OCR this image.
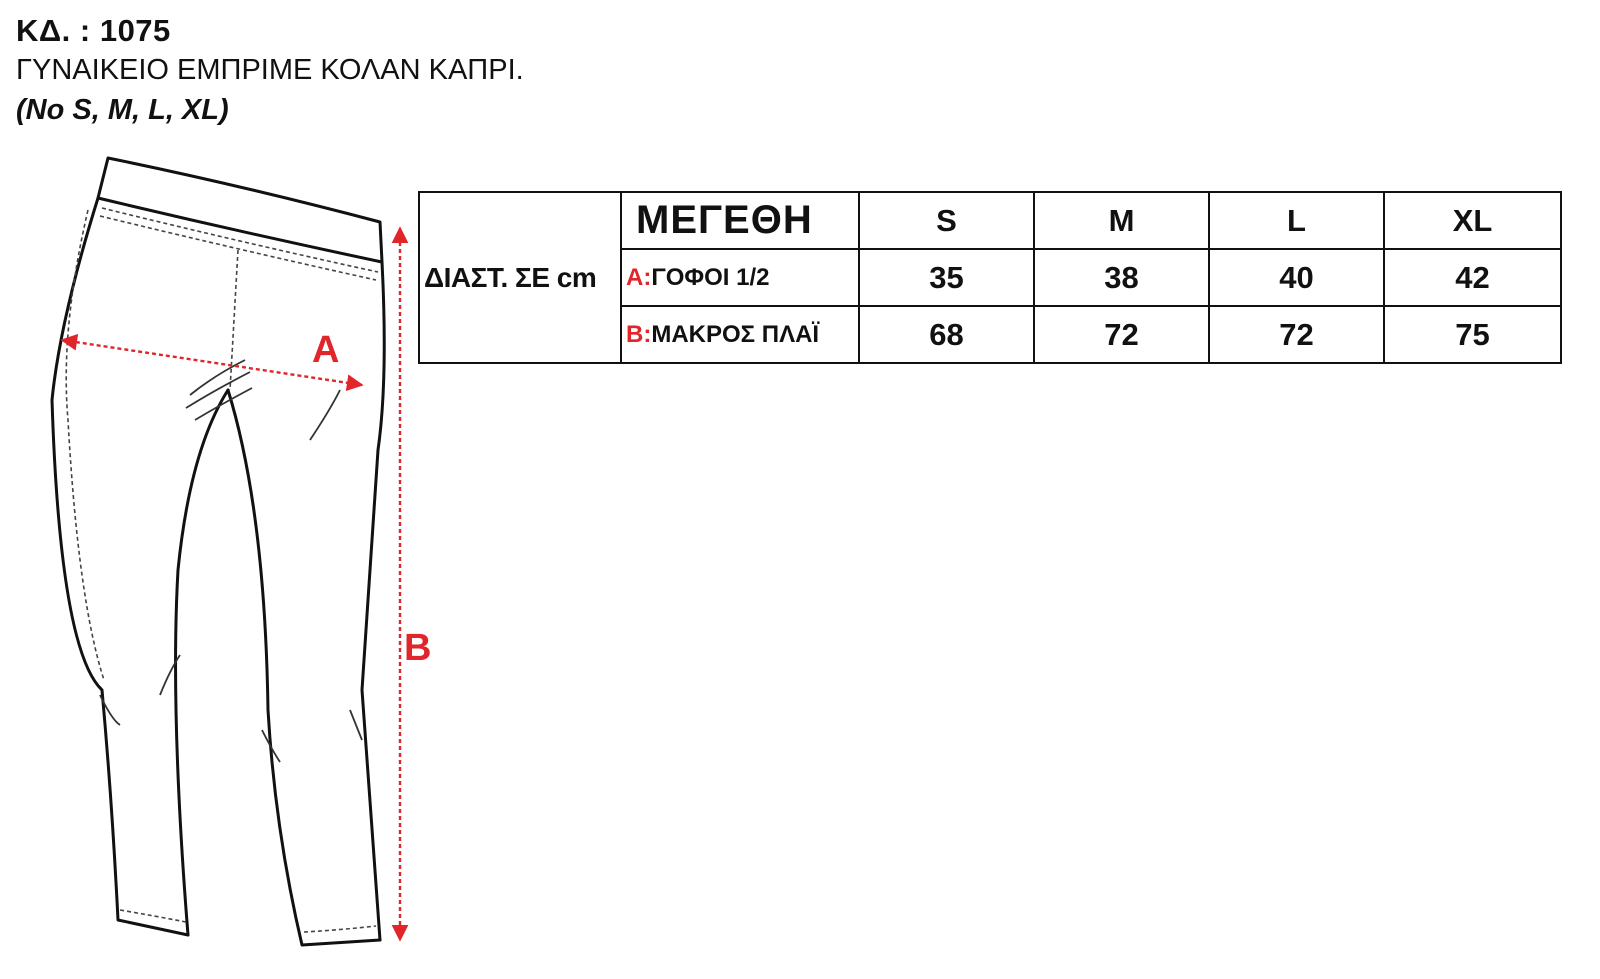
ΚΔ. : 1075
ΓΥΝΑΙΚΕΙΟ ΕΜΠΡΙΜΕ ΚΟΛΑΝ ΚΑΠΡΙ.
(Νο S, M, L, XL)
A
B
ΔΙΑΣΤ. ΣΕ cm	ΜΕΓΕΘΗ	S	M	L	XL
	A:ΓΟΦΟΙ 1/2	35	38	40	42
	B:ΜΑΚΡΟΣ ΠΛΑΪ	68	72	72	75
